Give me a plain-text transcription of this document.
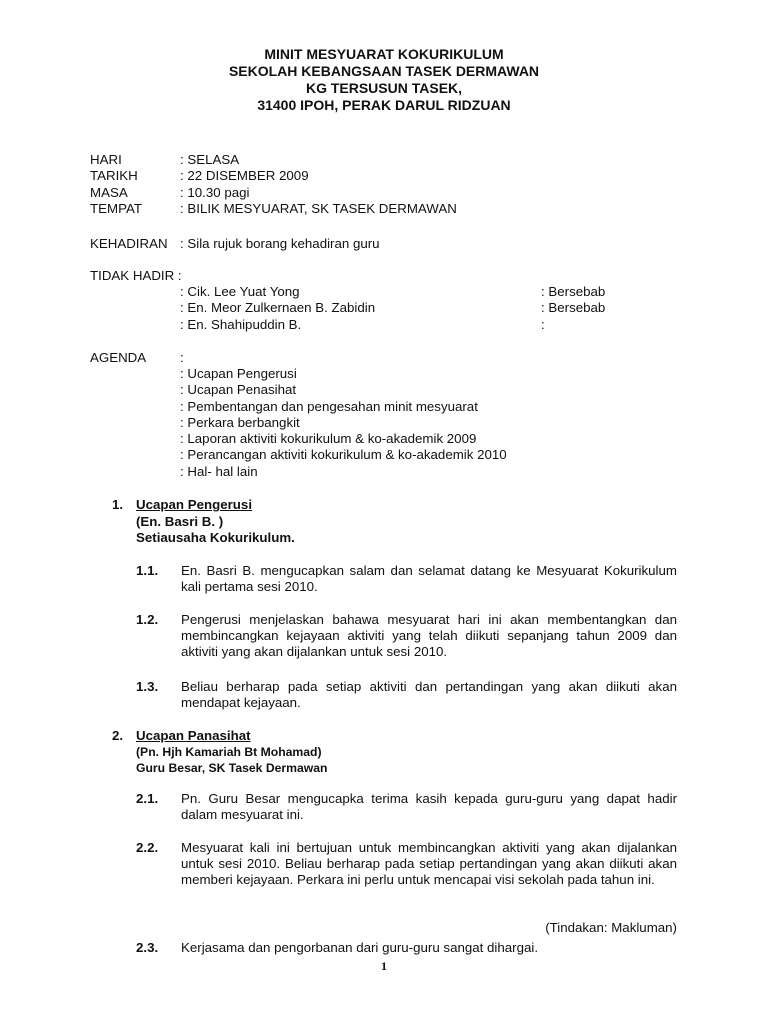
MINIT MESYUARAT KOKURIKULUM
SEKOLAH KEBANGSAAN TASEK DERMAWAN
KG TERSUSUN TASEK,
31400 IPOH, PERAK DARUL RIDZUAN
HARI	: SELASA
TARIKH	: 22 DISEMBER 2009
MASA	: 10.30 pagi
TEMPAT	: BILIK MESYUARAT, SK TASEK DERMAWAN
KEHADIRAN : Sila rujuk borang kehadiran guru
TIDAK HADIR :
: Cik. Lee Yuat Yong	: Bersebab
: En. Meor Zulkernaen B. Zabidin	: Bersebab
: En. Shahipuddin B.	:
AGENDA	:
: Ucapan Pengerusi
: Ucapan Penasihat
: Pembentangan dan pengesahan minit mesyuarat
: Perkara berbangkit
: Laporan aktiviti kokurikulum & ko-akademik 2009
: Perancangan aktiviti kokurikulum & ko-akademik 2010
: Hal- hal lain
1. Ucapan Pengerusi
(En. Basri B. )
Setiausaha Kokurikulum.
1.1. En. Basri B. mengucapkan salam dan selamat datang ke Mesyuarat Kokurikulum kali pertama sesi 2010.
1.2. Pengerusi menjelaskan bahawa mesyuarat hari ini akan membentangkan dan membincangkan kejayaan aktiviti yang telah diikuti sepanjang tahun 2009 dan aktiviti yang akan dijalankan untuk sesi 2010.
1.3. Beliau berharap pada setiap aktiviti dan pertandingan yang akan diikuti akan mendapat kejayaan.
2. Ucapan Panasihat
(Pn. Hjh Kamariah Bt Mohamad)
Guru Besar, SK Tasek Dermawan
2.1. Pn. Guru Besar mengucapka terima kasih kepada guru-guru yang dapat hadir dalam mesyuarat ini.
2.2. Mesyuarat kali ini bertujuan untuk membincangkan aktiviti yang akan dijalankan untuk sesi 2010. Beliau berharap pada setiap pertandingan yang akan diikuti akan memberi kejayaan. Perkara ini perlu untuk mencapai visi sekolah pada tahun ini.
(Tindakan: Makluman)
2.3. Kerjasama dan pengorbanan dari guru-guru sangat dihargai.
1
